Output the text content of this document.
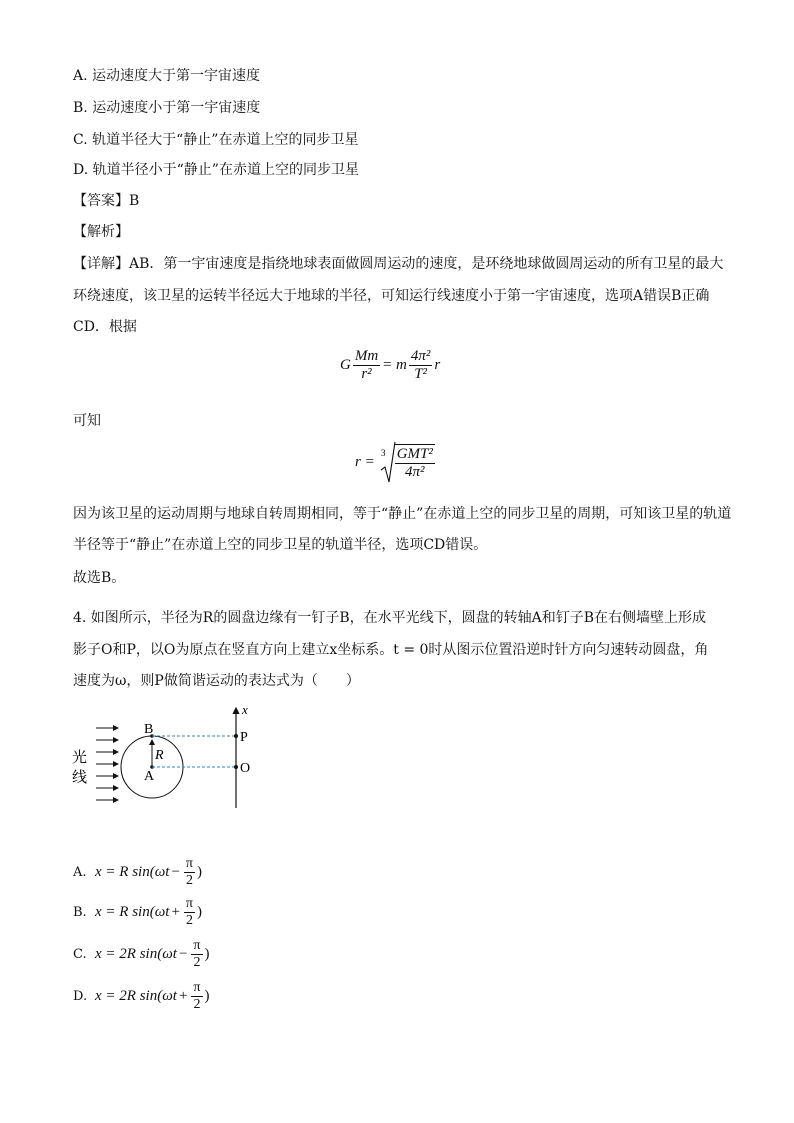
A. 运动速度大于第一宇宙速度
B. 运动速度小于第一宇宙速度
C. 轨道半径大于“静止”在赤道上空的同步卫星
D. 轨道半径小于“静止”在赤道上空的同步卫星
【答案】B
【解析】
【详解】AB．第一宇宙速度是指绕地球表面做圆周运动的速度，是环绕地球做圆周运动的所有卫星的最大
环绕速度，该卫星的运转半径远大于地球的半径，可知运行线速度小于第一宇宙速度，选项A错误B正确
CD．根据
G $\frac{Mm}{\text{r²}} = m \frac{\text{4π²}}{\text{T²}}$ r
可知
r =
$3 \frac{\text{GMT²}}{\text{4π²}}$
因为该卫星的运动周期与地球自转周期相同，等于“静止”在赤道上空的同步卫星的周期，可知该卫星的轨道
半径等于“静止”在赤道上空的同步卫星的轨道半径，选项CD错误。
故选B。
4. 如图所示，半径为R的圆盘边缘有一钉子B，在水平光线下，圆盘的转轴A和钉子B在右侧墙壁上形成
影子O和P，以O为原点在竖直方向上建立x坐标系。t = 0时从图示位置沿逆时针方向匀速转动圆盘，角
速度为ω，则P做简谐运动的表达式为（　　）
光
线
B
A
R
x
P
O
A. x = R $\sin(\omega t - \frac{\pi}{2}$ )
B. x = R $\sin(\omega t + \frac{\pi}{2}$ )
C. x = 2R $\sin(\omega t - \frac{\pi}{2}$ )
D. x = 2R $\sin(\omega t + \frac{\pi}{2}$ )
